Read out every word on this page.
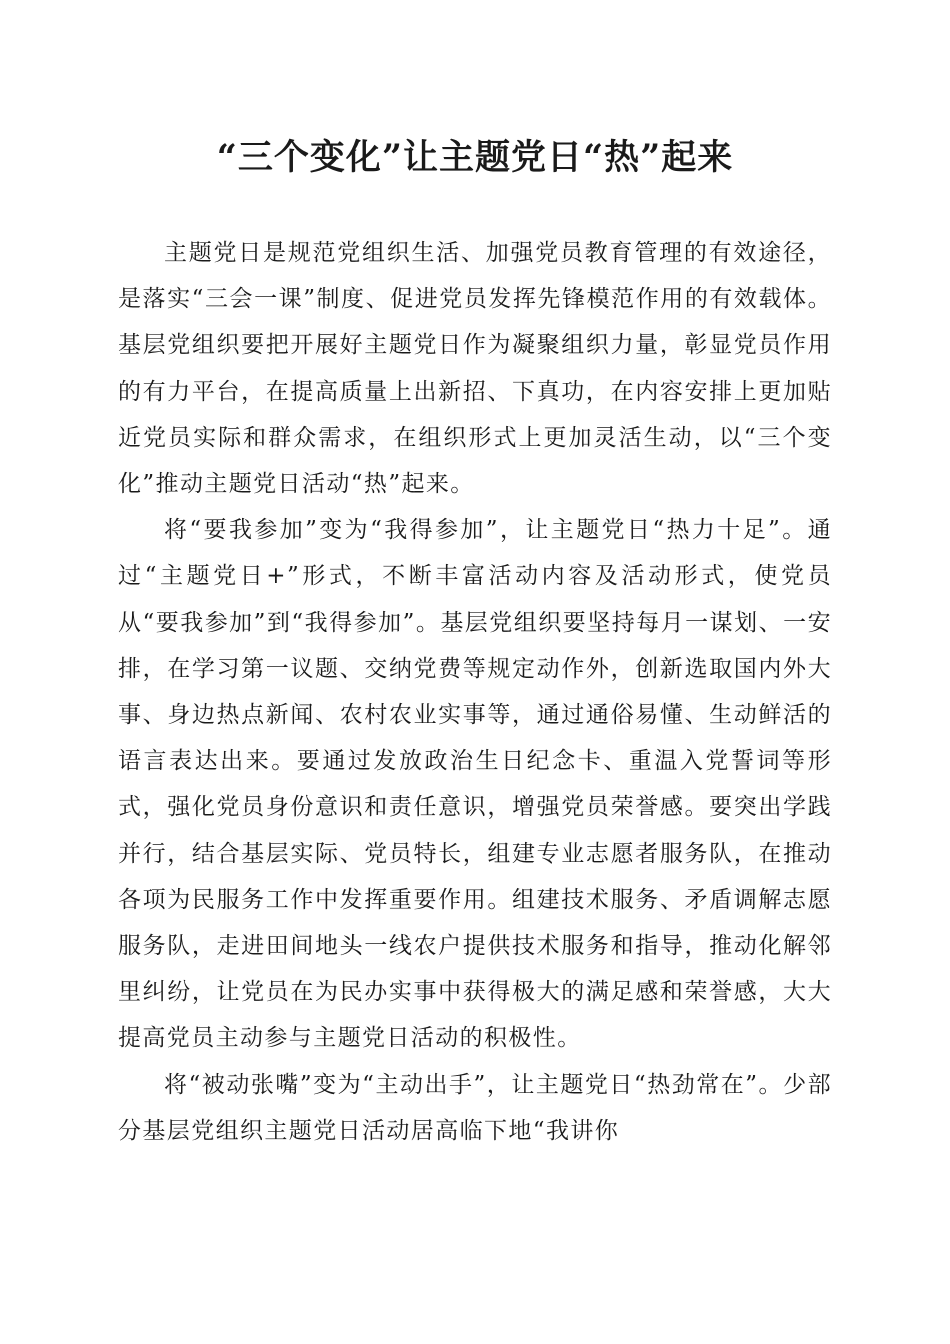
“三个变化”让主题党日“热”起来

主题党日是规范党组织生活、加强党员教育管理的有效途径，是落实“三会一课”制度、促进党员发挥先锋模范作用的有效载体。基层党组织要把开展好主题党日作为凝聚组织力量，彰显党员作用的有力平台，在提高质量上出新招、下真功，在内容安排上更加贴近党员实际和群众需求，在组织形式上更加灵活生动，以“三个变化”推动主题党日活动“热”起来。

将“要我参加”变为“我得参加”，让主题党日“热力十足”。通过“主题党日+”形式，不断丰富活动内容及活动形式，使党员从“要我参加”到“我得参加”。基层党组织要坚持每月一谋划、一安排，在学习第一议题、交纳党费等规定动作外，创新选取国内外大事、身边热点新闻、农村农业实事等，通过通俗易懂、生动鲜活的语言表达出来。要通过发放政治生日纪念卡、重温入党誓词等形式，强化党员身份意识和责任意识，增强党员荣誉感。要突出学践并行，结合基层实际、党员特长，组建专业志愿者服务队，在推动各项为民服务工作中发挥重要作用。组建技术服务、矛盾调解志愿服务队，走进田间地头一线农户提供技术服务和指导，推动化解邻里纠纷，让党员在为民办实事中获得极大的满足感和荣誉感，大大提高党员主动参与主题党日活动的积极性。

将“被动张嘴”变为“主动出手”，让主题党日“热劲常在”。少部分基层党组织主题党日活动居高临下地“我讲你
